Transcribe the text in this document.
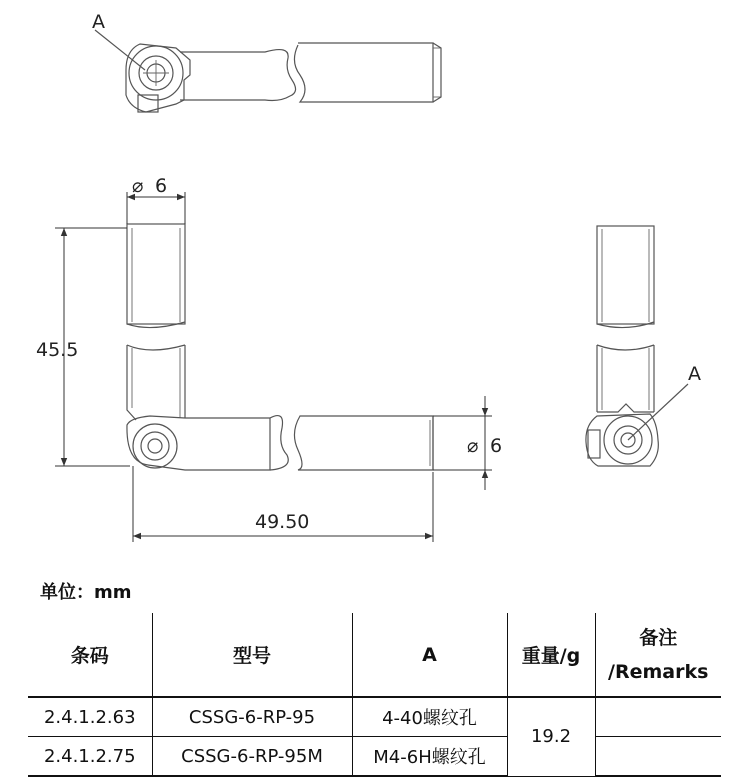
A
⌀ 6
45.5
⌀ 6
49.50
A
单位：mm
条码	型号	A	重量/g	备注
/Remarks

2.4.1.2.63	CSSG-6-RP-95	4-40螺纹孔	19.2	
2.4.1.2.75	CSSG-6-RP-95M	M4-6H螺纹孔		
